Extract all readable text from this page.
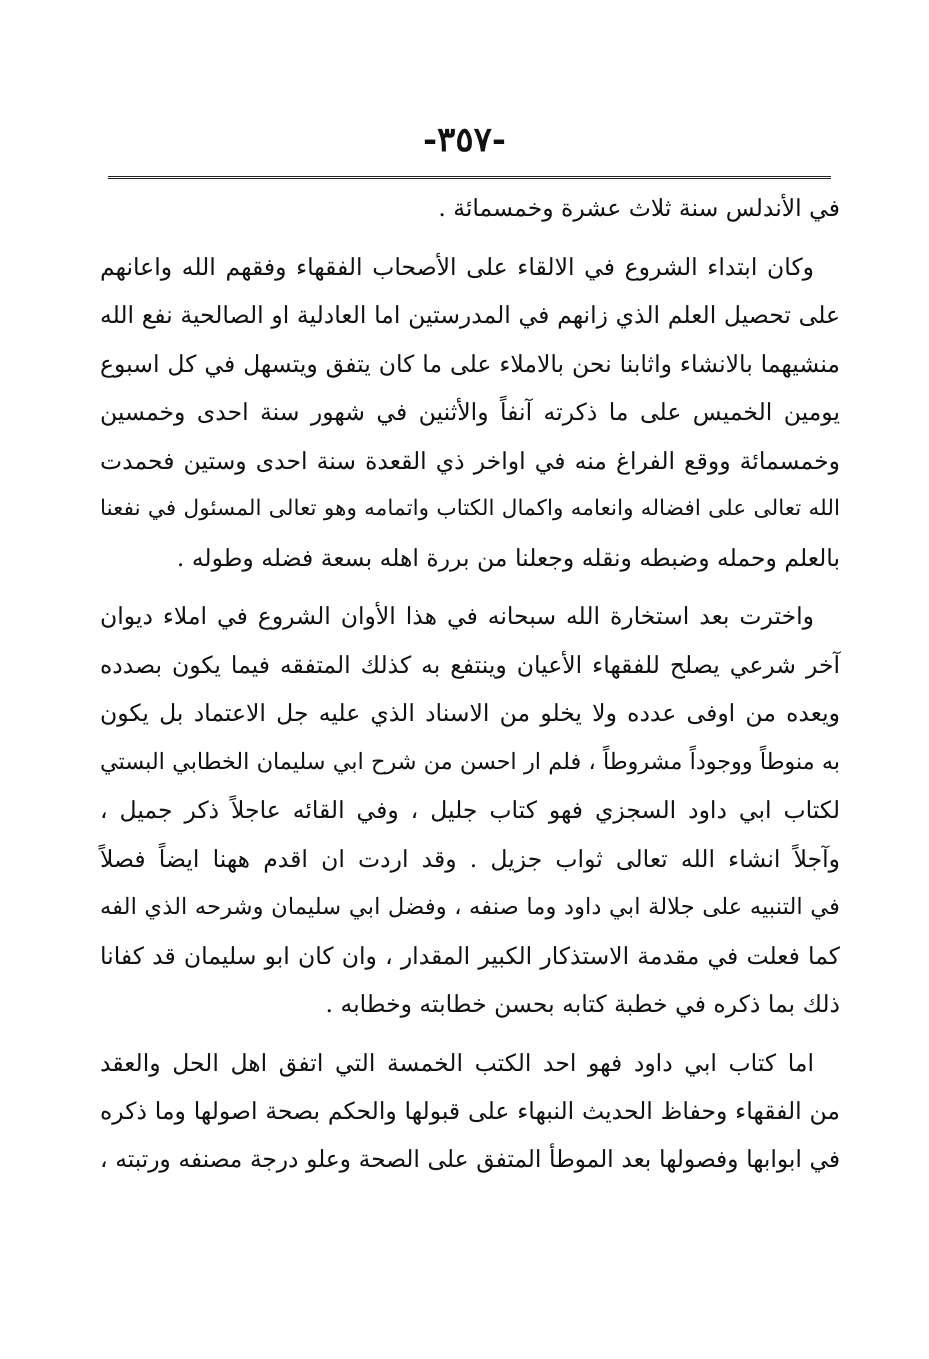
-٣٥٧-

في الأندلس سنة ثلاث عشرة وخمسمائة .

وكان ابتداء الشروع في الالقاء على الأصحاب الفقهاء وفقهم الله واعانهم
على تحصيل العلم الذي زانهم في المدرستين اما العادلية او الصالحية نفع الله
منشيهما بالانشاء واثابنا نحن بالاملاء على ما كان يتفق ويتسهل في كل اسبوع
يومين الخميس على ما ذكرته آنفاً والأثنين في شهور سنة احدى وخمسين
وخمسمائة ووقع الفراغ منه في اواخر ذي القعدة سنة احدى وستين فحمدت
الله تعالى على افضاله وانعامه واكمال الكتاب واتمامه وهو تعالى المسئول في نفعنا
بالعلم وحمله وضبطه ونقله وجعلنا من بررة اهله بسعة فضله وطوله .

واخترت بعد استخارة الله سبحانه في هذا الأوان الشروع في املاء ديوان
آخر شرعي يصلح للفقهاء الأعيان وينتفع به كذلك المتفقه فيما يكون بصدده
ويعده من اوفى عدده ولا يخلو من الاسناد الذي عليه جل الاعتماد بل يكون
به منوطاً ووجوداً مشروطاً ، فلم ار احسن من شرح ابي سليمان الخطابي البستي
لكتاب ابي داود السجزي فهو كتاب جليل ، وفي القائه عاجلاً ذكر جميل ،
وآجلاً انشاء الله تعالى ثواب جزيل . وقد اردت ان اقدم ههنا ايضاً فصلاً
في التنبيه على جلالة ابي داود وما صنفه ، وفضل ابي سليمان وشرحه الذي الفه
كما فعلت في مقدمة الاستذكار الكبير المقدار ، وان كان ابو سليمان قد كفانا
ذلك بما ذكره في خطبة كتابه بحسن خطابته وخطابه .

اما كتاب ابي داود فهو احد الكتب الخمسة التي اتفق اهل الحل والعقد
من الفقهاء وحفاظ الحديث النبهاء على قبولها والحكم بصحة اصولها وما ذكره
في ابوابها وفصولها بعد الموطأ المتفق على الصحة وعلو درجة مصنفه ورتبته ،
